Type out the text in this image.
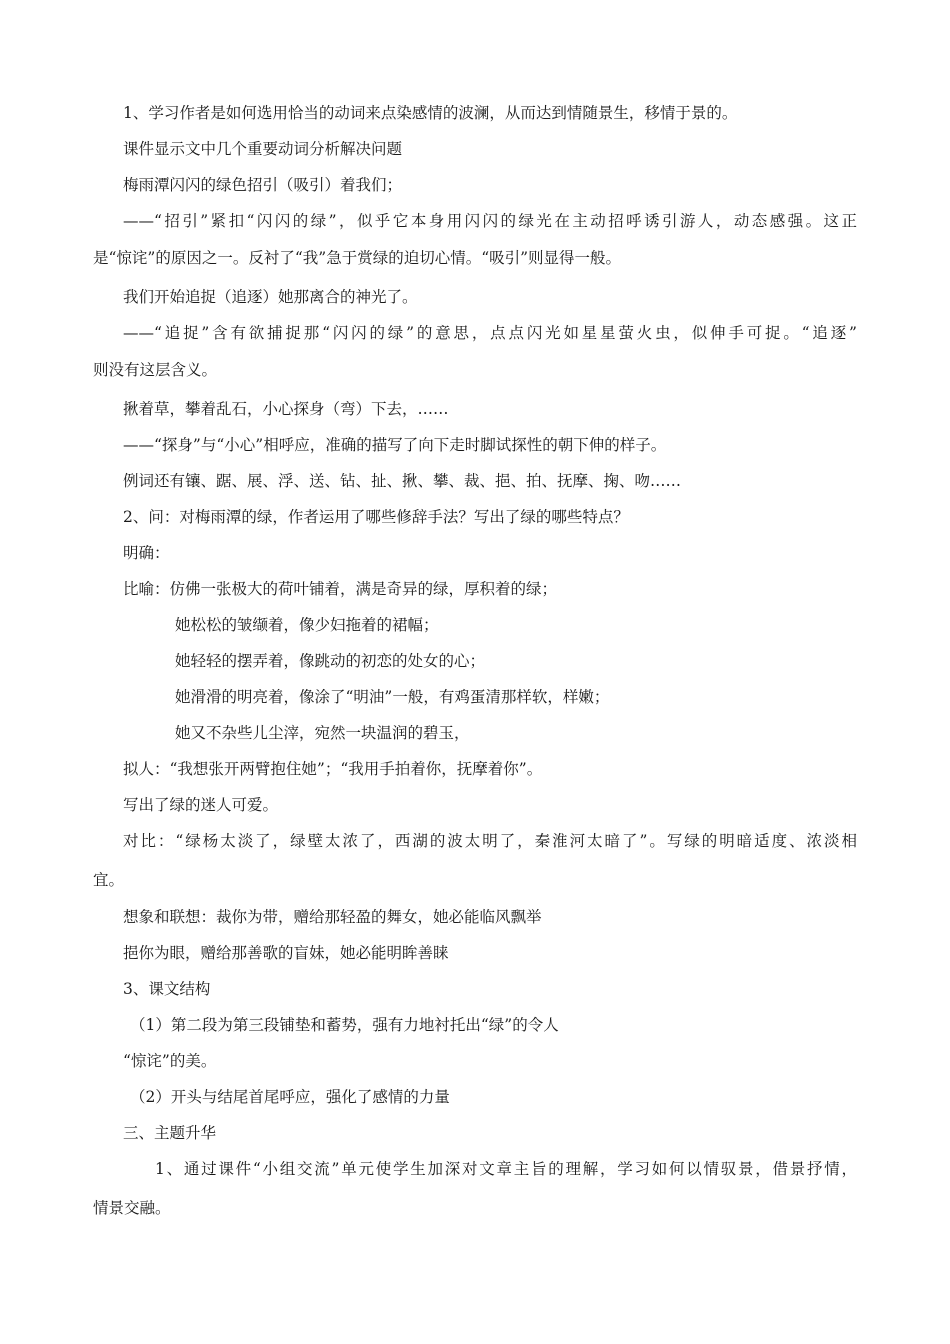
1、学习作者是如何选用恰当的动词来点染感情的波澜，从而达到情随景生，移情于景的。
课件显示文中几个重要动词分析解决问题
梅雨潭闪闪的绿色招引（吸引）着我们；
——“招引”紧扣“闪闪的绿”，似乎它本身用闪闪的绿光在主动招呼诱引游人，动态感强。这正
是“惊诧”的原因之一。反衬了“我”急于赏绿的迫切心情。“吸引”则显得一般。
我们开始追捉（追逐）她那离合的神光了。
——“追捉”含有欲捕捉那“闪闪的绿”的意思，点点闪光如星星萤火虫，似伸手可捉。“追逐”
则没有这层含义。
揪着草，攀着乱石，小心探身（弯）下去，……
——“探身”与“小心”相呼应，准确的描写了向下走时脚试探性的朝下伸的样子。
例词还有镶、踞、展、浮、送、钻、扯、揪、攀、裁、挹、拍、抚摩、掬、吻……
2、问：对梅雨潭的绿，作者运用了哪些修辞手法？写出了绿的哪些特点？
明确：
比喻：仿佛一张极大的荷叶铺着，满是奇异的绿，厚积着的绿；
她松松的皱缬着，像少妇拖着的裙幅；
她轻轻的摆弄着，像跳动的初恋的处女的心；
她滑滑的明亮着，像涂了“明油”一般，有鸡蛋清那样软，样嫩；
她又不杂些儿尘滓，宛然一块温润的碧玉，
拟人：“我想张开两臂抱住她”；“我用手拍着你，抚摩着你”。
写出了绿的迷人可爱。
对比：“绿杨太淡了，绿壁太浓了，西湖的波太明了，秦淮河太暗了”。写绿的明暗适度、浓淡相
宜。
想象和联想：裁你为带，赠给那轻盈的舞女，她必能临风飘举
挹你为眼，赠给那善歌的盲妹，她必能明眸善睐
3、课文结构
（1）第二段为第三段铺垫和蓄势，强有力地衬托出“绿”的令人
“惊诧”的美。
（2）开头与结尾首尾呼应，强化了感情的力量
三、主题升华
1、通过课件“小组交流”单元使学生加深对文章主旨的理解，学习如何以情驭景，借景抒情，
情景交融。
